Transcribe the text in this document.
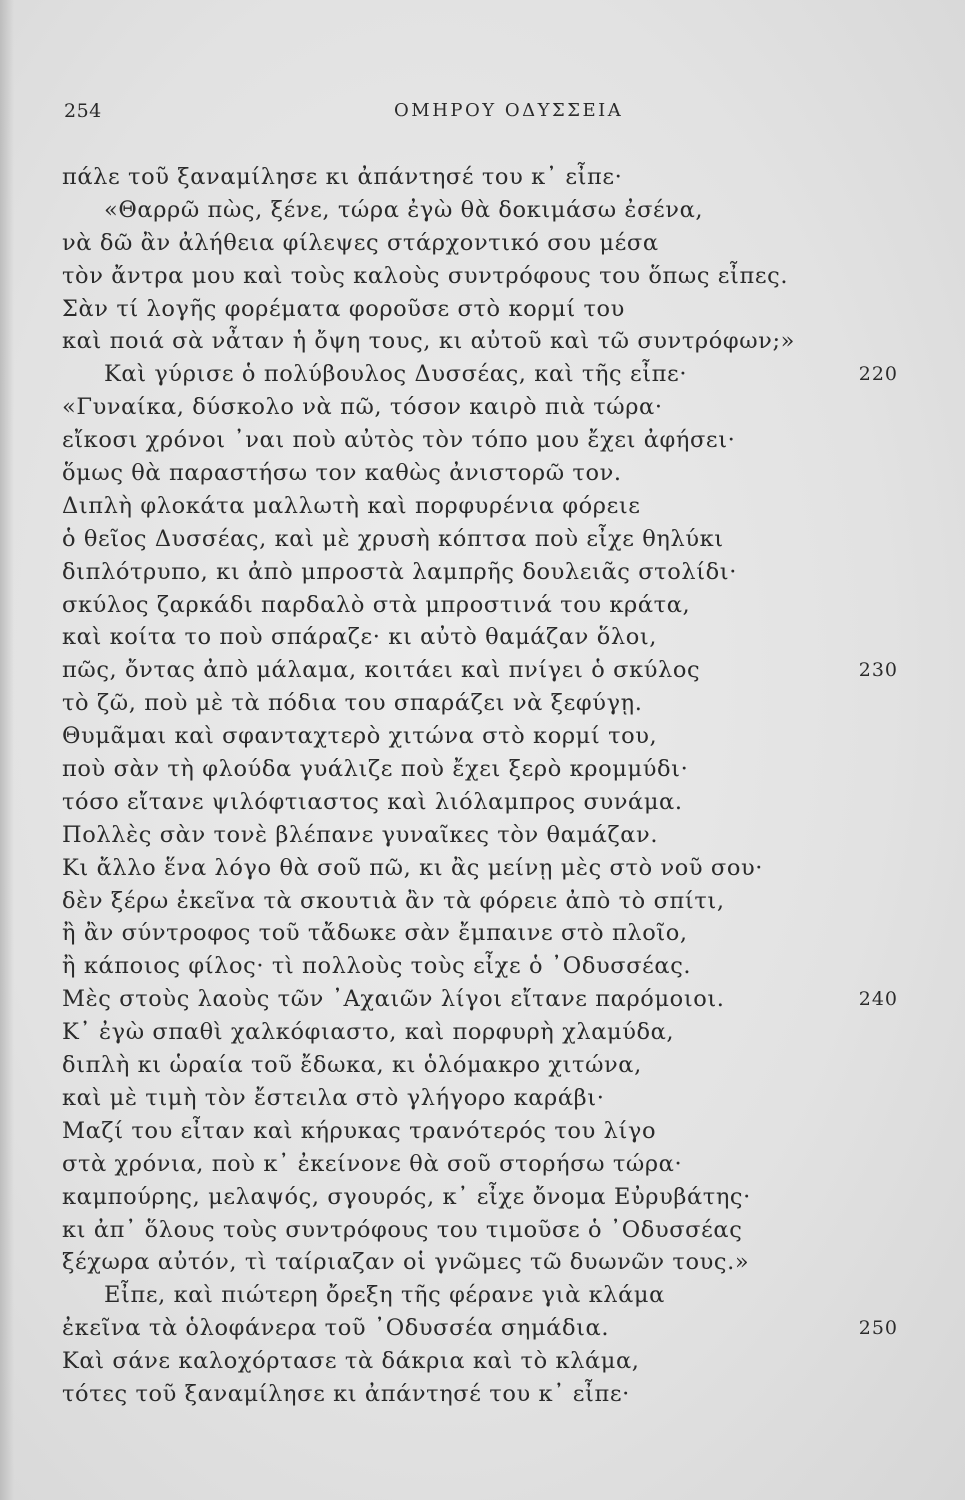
254	ΟΜΗΡΟΥ ΟΔΥΣΣΕΙΑ
πάλε τοῦ ξαναμίλησε κι ἀπάντησέ του κ᾿ εἶπε·
«Θαρρῶ πὼς, ξένε, τώρα ἐγὼ θὰ δοκιμάσω ἐσένα,
νὰ δῶ ἂν ἀλήθεια φίλεψες στάρχοντικό σου μέσα
τὸν ἄντρα μου καὶ τοὺς καλοὺς συντρόφους του ὅπως εἶπες.
Σὰν τί λογῆς φορέματα φοροῦσε στὸ κορμί του
καὶ ποιά σὰ νἆταν ἡ ὄψη τους, κι αὐτοῦ καὶ τῶ συντρόφων;»
Καὶ γύρισε ὁ πολύβουλος Δυσσέας, καὶ τῆς εἶπε·	220
«Γυναίκα, δύσκολο νὰ πῶ, τόσον καιρὸ πιὰ τώρα·
εἴκοσι χρόνοι ᾿ναι ποὺ αὐτὸς τὸν τόπο μου ἔχει ἀφήσει·
ὅμως θὰ παραστήσω τον καθὼς ἀνιστορῶ τον.
Διπλὴ φλοκάτα μαλλωτὴ καὶ πορφυρένια φόρειε
ὁ θεῖος Δυσσέας, καὶ μὲ χρυσὴ κόπτσα ποὺ εἶχε θηλύκι
διπλότρυπο, κι ἀπὸ μπροστὰ λαμπρῆς δουλειᾶς στολίδι·
σκύλος ζαρκάδι παρδαλὸ στὰ μπροστινά του κράτα,
καὶ κοίτα το ποὺ σπάραζε· κι αὐτὸ θαμάζαν ὅλοι,
πῶς, ὄντας ἀπὸ μάλαμα, κοιτάει καὶ πνίγει ὁ σκύλος	230
τὸ ζῶ, ποὺ μὲ τὰ πόδια του σπαράζει νὰ ξεφύγῃ.
Θυμᾶμαι καὶ σφανταχτερὸ χιτώνα στὸ κορμί του,
ποὺ σὰν τὴ φλούδα γυάλιζε ποὺ ἔχει ξερὸ κρομμύδι·
τόσο εἴτανε ψιλόφτιαστος καὶ λιόλαμπρος συνάμα.
Πολλὲς σὰν τονὲ βλέπανε γυναῖκες τὸν θαμάζαν.
Κι ἄλλο ἕνα λόγο θὰ σοῦ πῶ, κι ἂς μείνῃ μὲς στὸ νοῦ σου·
δὲν ξέρω ἐκεῖνα τὰ σκουτιὰ ἂν τὰ φόρειε ἀπὸ τὸ σπίτι,
ἢ ἂν σύντροφος τοῦ τἄδωκε σὰν ἔμπαινε στὸ πλοῖο,
ἢ κάποιος φίλος· τὶ πολλοὺς τοὺς εἶχε ὁ ᾿Οδυσσέας.
Μὲς στοὺς λαοὺς τῶν ᾿Αχαιῶν λίγοι εἴτανε παρόμοιοι.	240
Κ᾿ ἐγὼ σπαθὶ χαλκόφιαστο, καὶ πορφυρὴ χλαμύδα,
διπλὴ κι ὡραία τοῦ ἔδωκα, κι ὁλόμακρο χιτώνα,
καὶ μὲ τιμὴ τὸν ἔστειλα στὸ γλήγορο καράβι·
Μαζί του εἶταν καὶ κήρυκας τρανότερός του λίγο
στὰ χρόνια, ποὺ κ᾿ ἐκείνονε θὰ σοῦ στορήσω τώρα·
καμπούρης, μελαψός, σγουρός, κ᾿ εἶχε ὄνομα Εὐρυβάτης·
κι ἀπ᾿ ὅλους τοὺς συντρόφους του τιμοῦσε ὁ ᾿Οδυσσέας
ξέχωρα αὐτόν, τὶ ταίριαζαν οἱ γνῶμες τῶ δυωνῶν τους.»
Εἶπε, καὶ πιώτερη ὄρεξη τῆς φέρανε γιὰ κλάμα
ἐκεῖνα τὰ ὁλοφάνερα τοῦ ᾿Οδυσσέα σημάδια.	250
Καὶ σάνε καλοχόρτασε τὰ δάκρια καὶ τὸ κλάμα,
τότες τοῦ ξαναμίλησε κι ἀπάντησέ του κ᾿ εἶπε·
